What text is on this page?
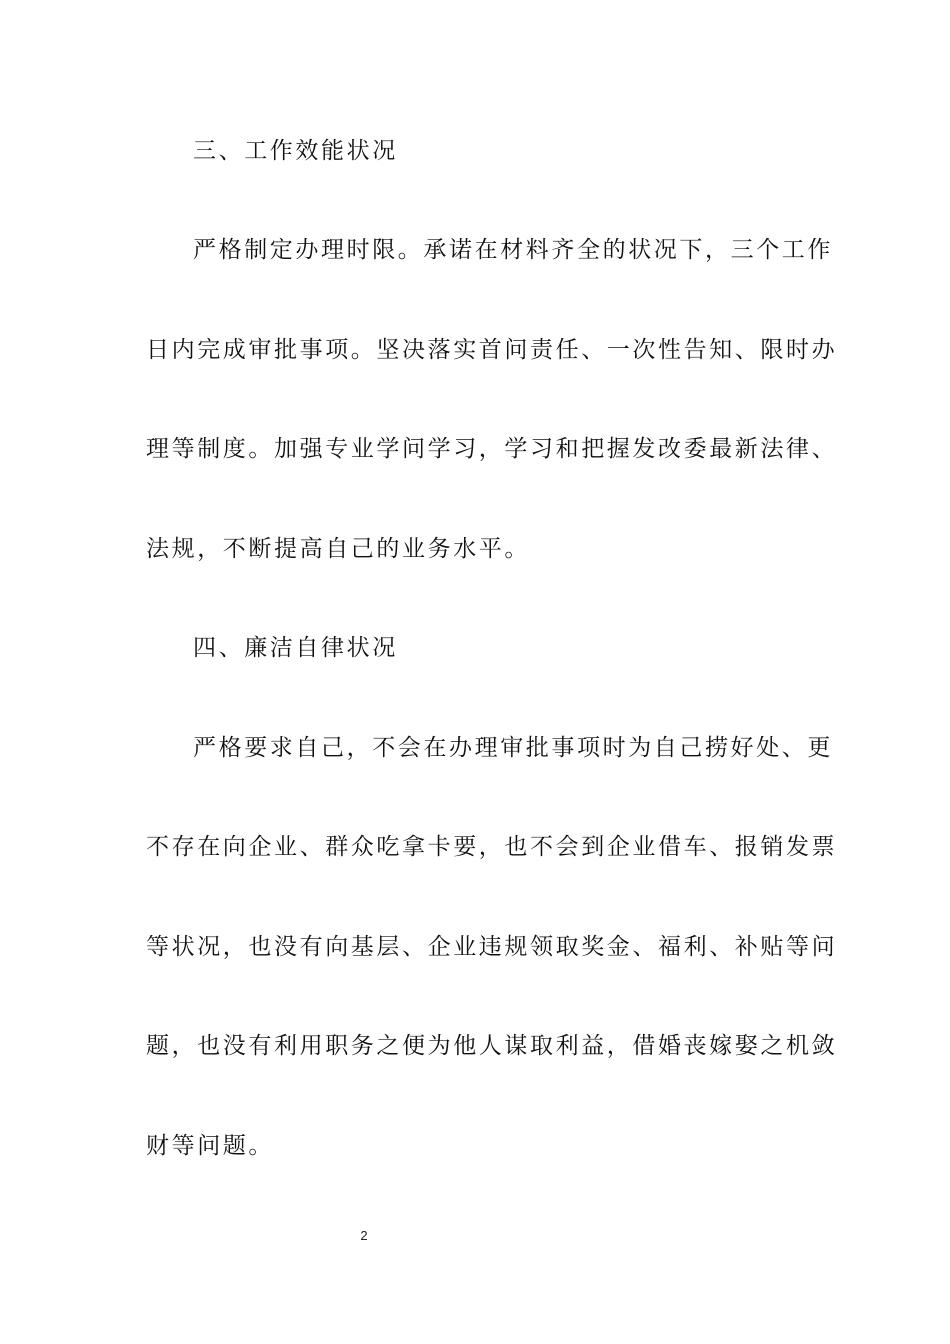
三、工作效能状况
严格制定办理时限。承诺在材料齐全的状况下，三个工作
日内完成审批事项。坚决落实首问责任、一次性告知、限时办
理等制度。加强专业学问学习，学习和把握发改委最新法律、
法规，不断提高自己的业务水平。
四、廉洁自律状况
严格要求自己，不会在办理审批事项时为自己捞好处、更
不存在向企业、群众吃拿卡要，也不会到企业借车、报销发票
等状况，也没有向基层、企业违规领取奖金、福利、补贴等问
题，也没有利用职务之便为他人谋取利益，借婚丧嫁娶之机敛
财等问题。
2
